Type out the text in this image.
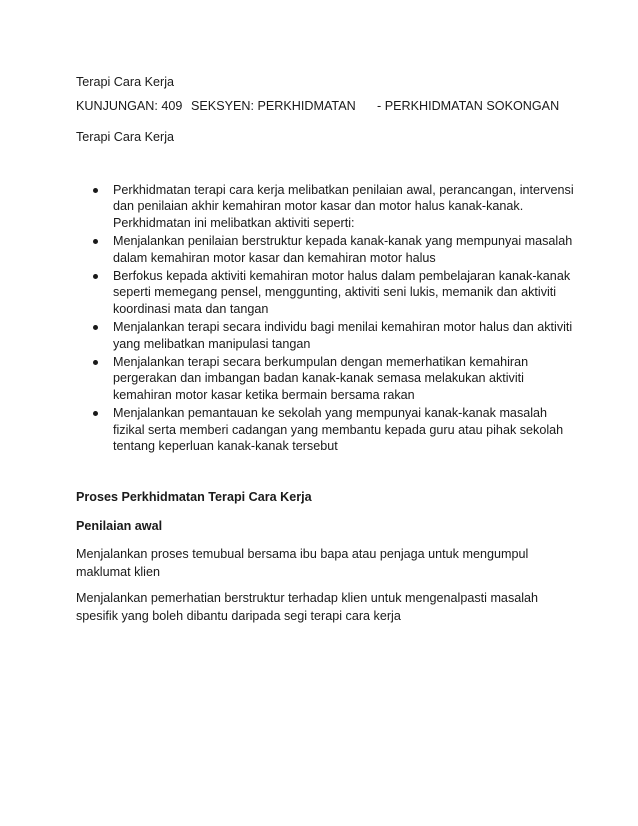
Terapi Cara Kerja
KUNJUNGAN: 409 SEKSYEN: PERKHIDMATAN - PERKHIDMATAN SOKONGAN
Terapi Cara Kerja
Perkhidmatan terapi cara kerja melibatkan penilaian awal, perancangan, intervensi dan penilaian akhir kemahiran motor kasar dan motor halus kanak-kanak. Perkhidmatan ini melibatkan aktiviti seperti:
Menjalankan penilaian berstruktur kepada kanak-kanak yang mempunyai masalah dalam kemahiran motor kasar dan kemahiran motor halus
Berfokus kepada aktiviti kemahiran motor halus dalam pembelajaran kanak-kanak seperti memegang pensel, menggunting, aktiviti seni lukis, memanik dan aktiviti koordinasi mata dan tangan
Menjalankan terapi secara individu bagi menilai kemahiran motor halus dan aktiviti yang melibatkan manipulasi tangan
Menjalankan terapi secara berkumpulan dengan memerhatikan kemahiran pergerakan dan imbangan badan kanak-kanak semasa melakukan aktiviti kemahiran motor kasar ketika bermain bersama rakan
Menjalankan pemantauan ke sekolah yang mempunyai kanak-kanak masalah fizikal serta memberi cadangan yang membantu kepada guru atau pihak sekolah tentang keperluan kanak-kanak tersebut
Proses Perkhidmatan Terapi Cara Kerja
Penilaian awal
Menjalankan proses temubual bersama ibu bapa atau penjaga untuk mengumpul maklumat klien
Menjalankan pemerhatian berstruktur terhadap klien untuk mengenalpasti masalah spesifik yang boleh dibantu daripada segi terapi cara kerja
